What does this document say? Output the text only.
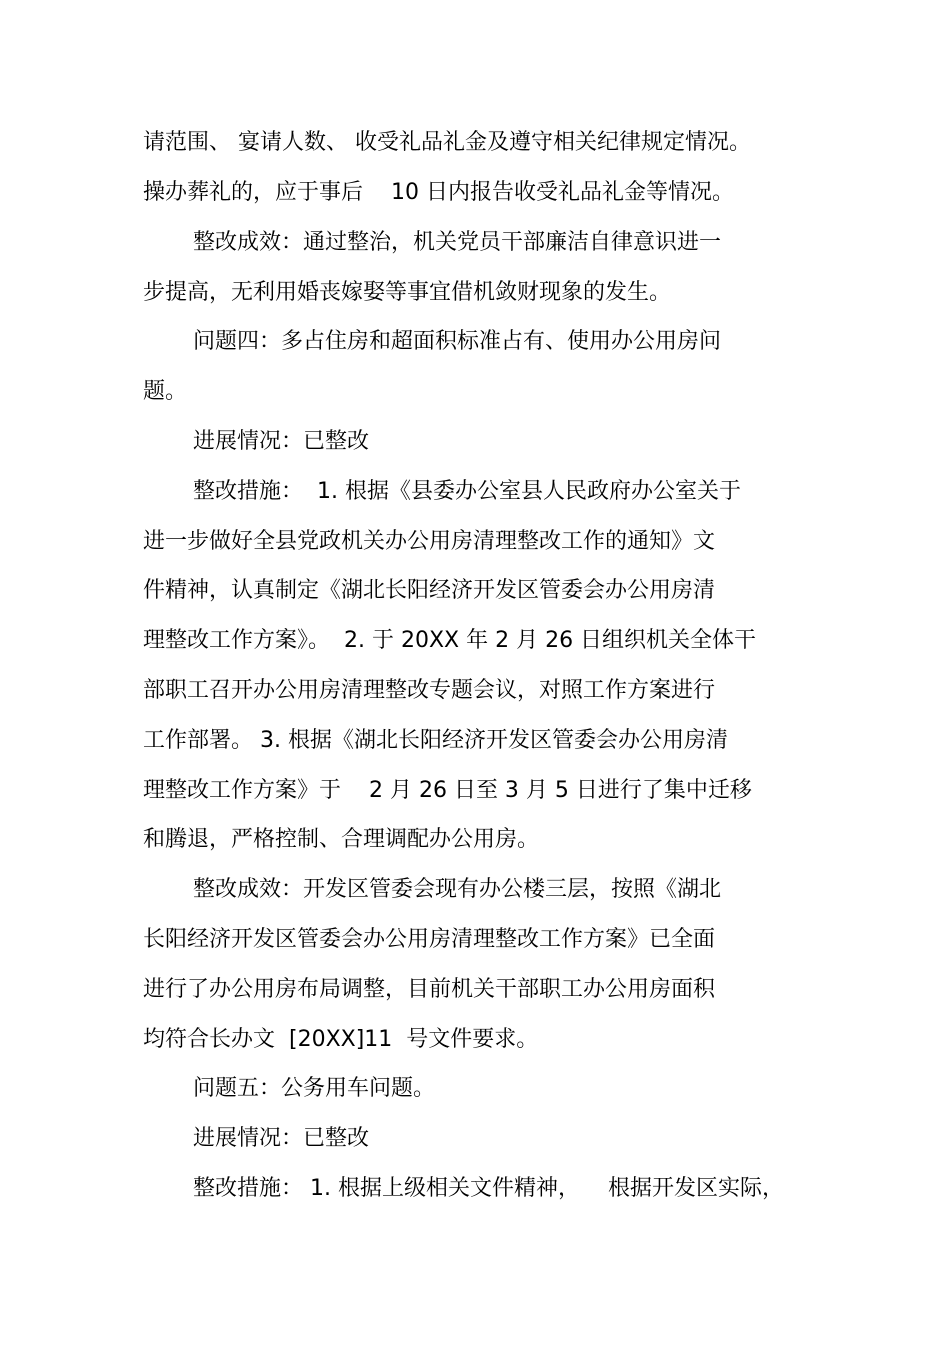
请范围、 宴请人数、 收受礼品礼金及遵守相关纪律规定情况。
操办葬礼的，应于事后    10 日内报告收受礼品礼金等情况。
整改成效：通过整治，机关党员干部廉洁自律意识进一
步提高，无利用婚丧嫁娶等事宜借机敛财现象的发生。
问题四：多占住房和超面积标准占有、使用办公用房问
题。
进展情况：已整改
整改措施：  1. 根据《县委办公室县人民政府办公室关于
进一步做好全县党政机关办公用房清理整改工作的通知》文
件精神，认真制定《湖北长阳经济开发区管委会办公用房清
理整改工作方案》。  2. 于 20XX 年 2 月 26 日组织机关全体干
部职工召开办公用房清理整改专题会议，对照工作方案进行
工作部署。 3. 根据《湖北长阳经济开发区管委会办公用房清
理整改工作方案》于    2 月 26 日至 3 月 5 日进行了集中迁移
和腾退，严格控制、合理调配办公用房。
整改成效：开发区管委会现有办公楼三层，按照《湖北
长阳经济开发区管委会办公用房清理整改工作方案》已全面
进行了办公用房布局调整，目前机关干部职工办公用房面积
均符合长办文  [20XX]11  号文件要求。
问题五：公务用车问题。
进展情况：已整改
整改措施： 1. 根据上级相关文件精神，    根据开发区实际，
